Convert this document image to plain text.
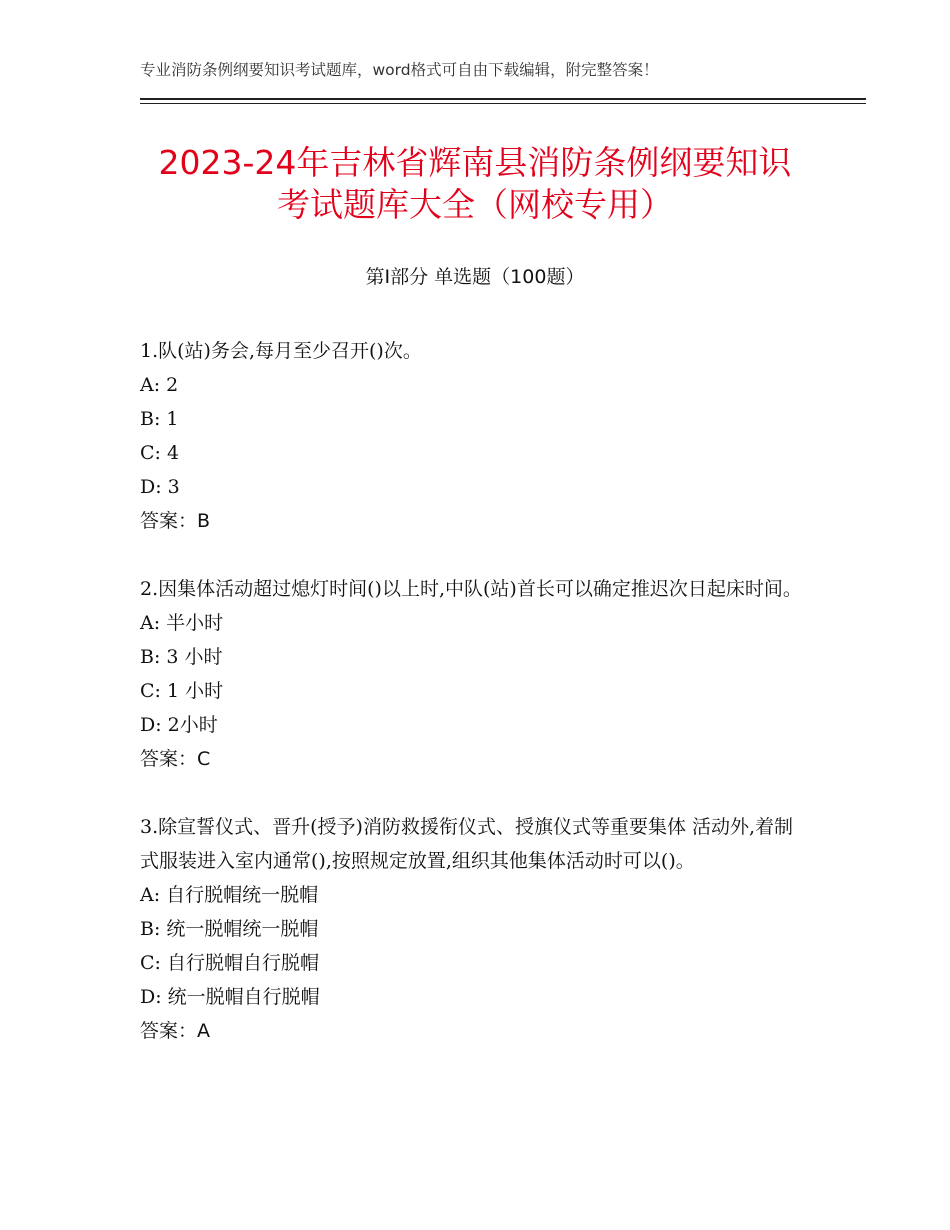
专业消防条例纲要知识考试题库，word格式可自由下载编辑，附完整答案！
2023-24年吉林省辉南县消防条例纲要知识
考试题库大全（网校专用）
第Ⅰ部分 单选题（100题）
1.队(站)务会,每月至少召开()次。
A: 2
B: 1
C: 4
D: 3
答案：B
2.因集体活动超过熄灯时间()以上时,中队(站)首长可以确定推迟次日起床时间。
A: 半小时
B: 3 小时
C: 1 小时
D: 2小时
答案：C
3.除宣誓仪式、晋升(授予)消防救援衔仪式、授旗仪式等重要集体 活动外,着制式服装进入室内通常(),按照规定放置,组织其他集体活动时可以()。
A: 自行脱帽统一脱帽
B: 统一脱帽统一脱帽
C: 自行脱帽自行脱帽
D: 统一脱帽自行脱帽
答案：A
